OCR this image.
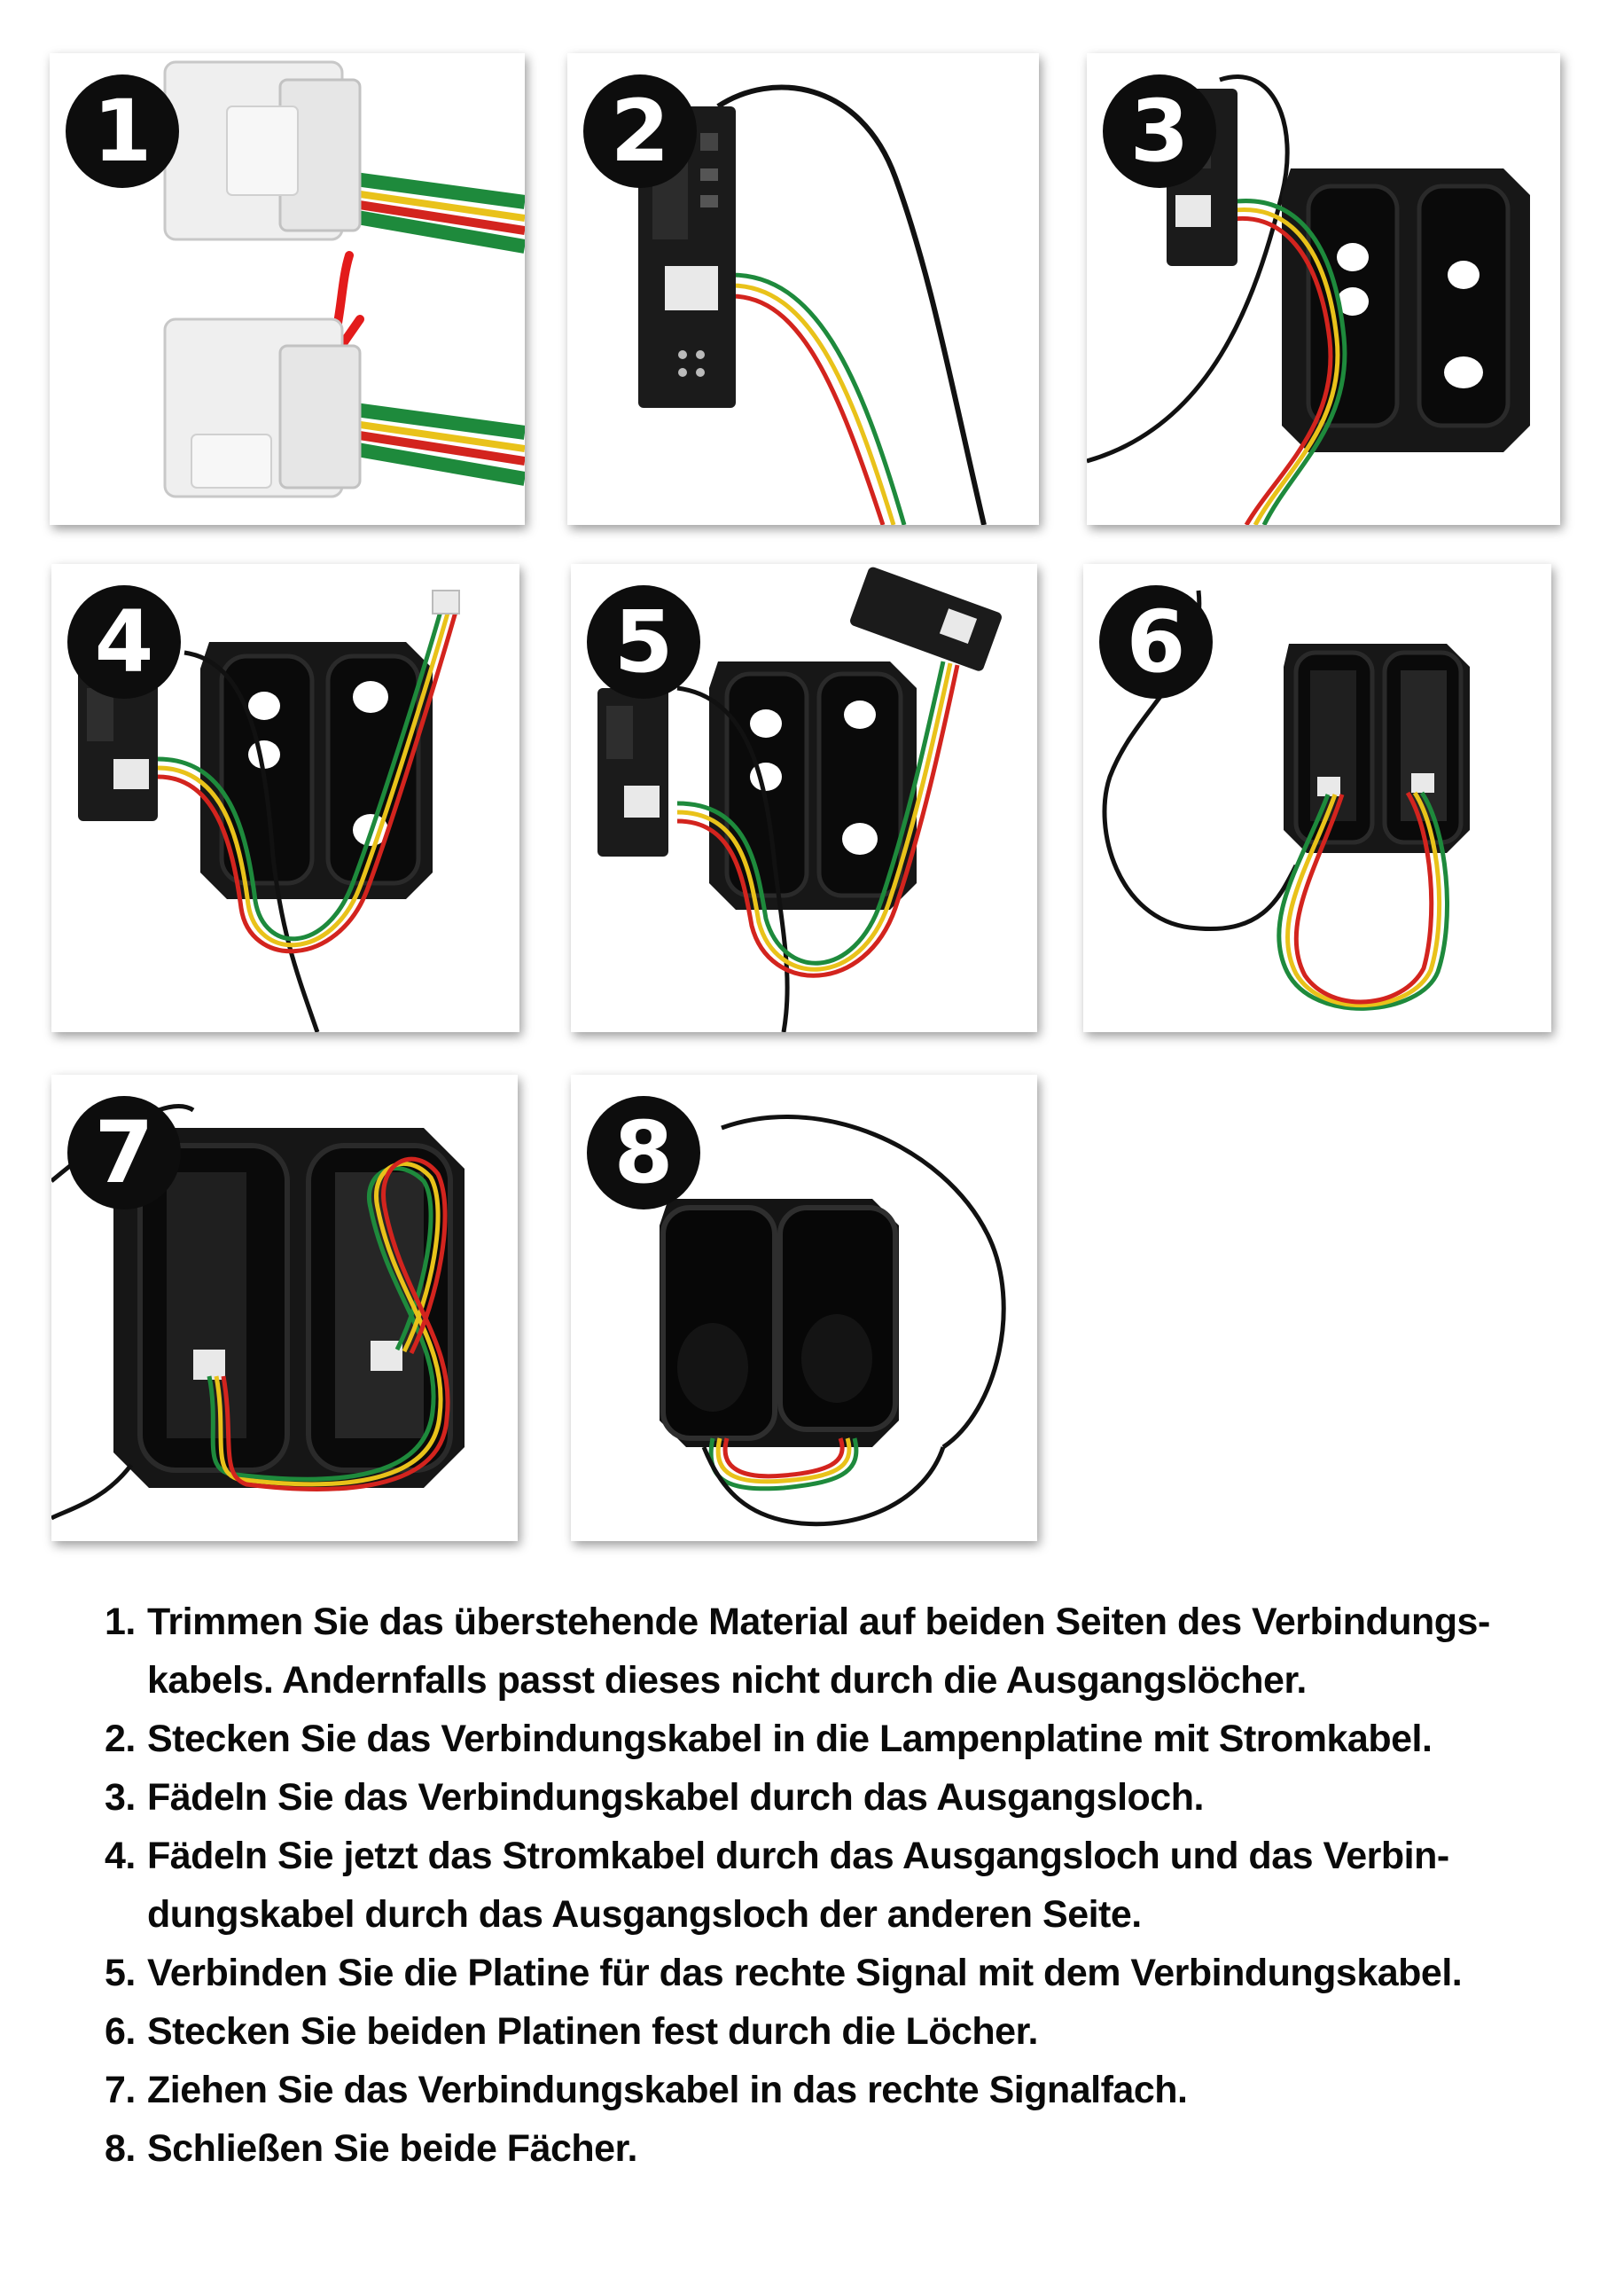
1	2	3
4	5	6
7	8
1. Trimmen Sie das überstehende Material auf beiden Seiten des Verbindungs-
kabels. Andernfalls passt dieses nicht durch die Ausgangslöcher.
2. Stecken Sie das Verbindungskabel in die Lampenplatine mit Stromkabel.
3. Fädeln Sie das Verbindungskabel durch das Ausgangsloch.
4. Fädeln Sie jetzt das Stromkabel durch das Ausgangsloch und das Verbin-
dungskabel durch das Ausgangsloch der anderen Seite.
5. Verbinden Sie die Platine für das rechte Signal mit dem Verbindungskabel.
6. Stecken Sie beiden Platinen fest durch die Löcher.
7. Ziehen Sie das Verbindungskabel in das rechte Signalfach.
8. Schließen Sie beide Fächer.
